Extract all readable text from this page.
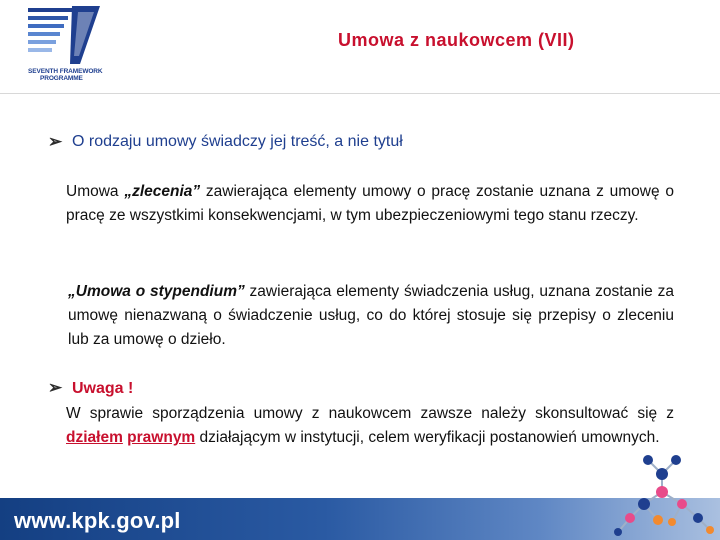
SEVENTH FRAMEWORK
PROGRAMME
Umowa z naukowcem (VII)
➢ O rodzaju umowy świadczy jej treść, a nie tytuł
Umowa „zlecenia” zawierająca elementy umowy o pracę zostanie uznana z umowę o pracę ze wszystkimi konsekwencjami, w tym ubezpieczeniowymi tego stanu rzeczy.
„Umowa o stypendium” zawierająca elementy świadczenia usług, uznana zostanie za umowę nienazwaną o świadczenie usług, co do której stosuje się przepisy o zleceniu lub za umowę o dzieło.
➢ Uwaga !
W sprawie sporządzenia umowy z naukowcem zawsze należy skonsultować się z działem prawnym działającym w instytucji, celem weryfikacji postanowień umownych.
www.kpk.gov.pl
